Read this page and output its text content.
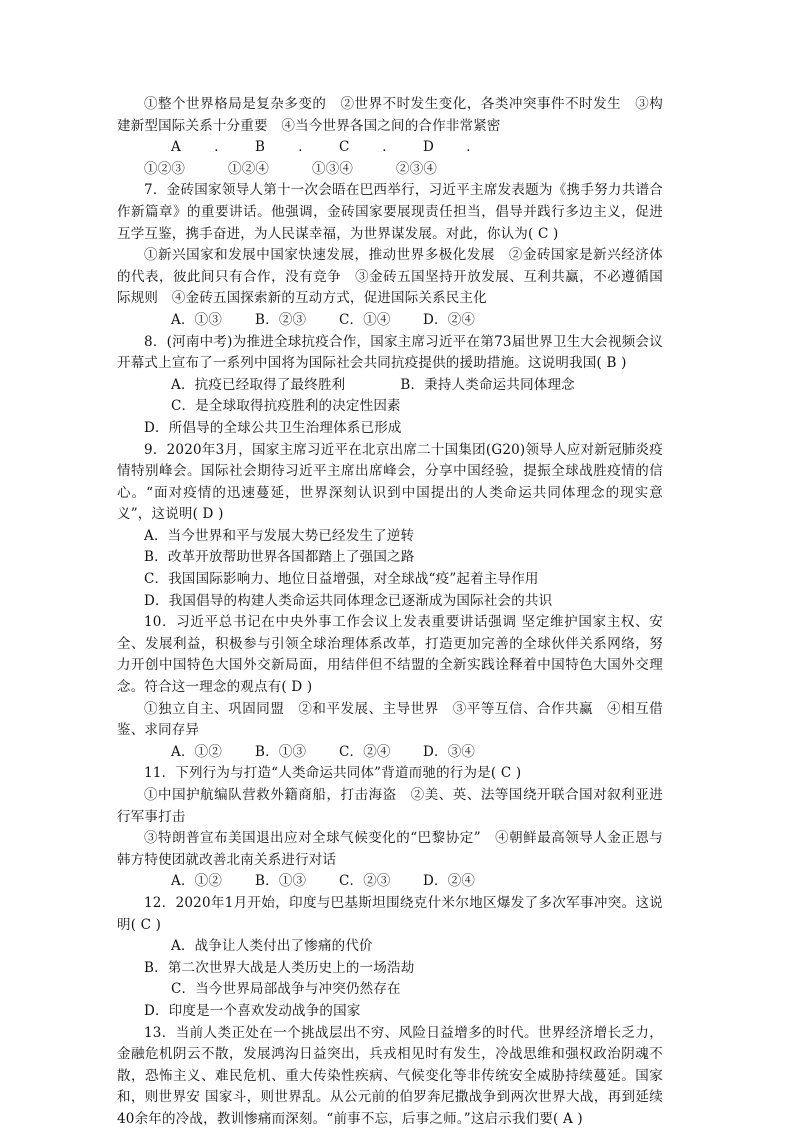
①整个世界格局是复杂多变的　②世界不时发生变化，各类冲突事件不时发生　③构建新型国际关系十分重要　④当今世界各国之间的合作非常紧密

A．①②③B．①②④C．①③④D．②③④

7．金砖国家领导人第十一次会晤在巴西举行，习近平主席发表题为《携手努力共谱合作新篇章》的重要讲话。他强调，金砖国家要展现责任担当，倡导并践行多边主义，促进互学互鉴，携手奋进，为人民谋幸福，为世界谋发展。对此，你认为( C )

①新兴国家和发展中国家快速发展，推动世界多极化发展　②金砖国家是新兴经济体的代表，彼此间只有合作，没有竞争　③金砖五国坚持开放发展、互利共赢，不必遵循国际规则　④金砖五国探索新的互动方式，促进国际关系民主化

A．①③ B．②③ C．①④ D．②④

8．(河南中考)为推进全球抗疫合作，国家主席习近平在第73届世界卫生大会视频会议开幕式上宣布了一系列中国将为国际社会共同抗疫提供的援助措施。这说明我国( B )

A．抗疫已经取得了最终胜利	B．秉持人类命运共同体理念

C．是全球取得抗疫胜利的决定性因素D．所倡导的全球公共卫生治理体系已形成

9．2020年3月，国家主席习近平在北京出席二十国集团(G20)领导人应对新冠肺炎疫情特别峰会。国际社会期待习近平主席出席峰会，分享中国经验，提振全球战胜疫情的信心。“面对疫情的迅速蔓延，世界深刻认识到中国提出的人类命运共同体理念的现实意义”，这说明( D )

A．当今世界和平与发展大势已经发生了逆转

B．改革开放帮助世界各国都踏上了强国之路

C．我国国际影响力、地位日益增强，对全球战“疫”起着主导作用

D．我国倡导的构建人类命运共同体理念已逐渐成为国际社会的共识

10．习近平总书记在中央外事工作会议上发表重要讲话强调 坚定维护国家主权、安全、发展利益，积极参与引领全球治理体系改革，打造更加完善的全球伙伴关系网络，努力开创中国特色大国外交新局面，用结伴但不结盟的全新实践诠释着中国特色大国外交理念。符合这一理念的观点有( D )

①独立自主、巩固同盟　②和平发展、主导世界　③平等互信、合作共赢　④相互借鉴、求同存异

A．①② B．①③ C．②④ D．③④

11．下列行为与打造“人类命运共同体”背道而驰的行为是( C )

①中国护航编队营救外籍商船，打击海盗　②美、英、法等国绕开联合国对叙利亚进行军事打击

③特朗普宣布美国退出应对全球气候变化的“巴黎协定”　④朝鲜最高领导人金正恩与韩方特使团就改善北南关系进行对话

A．①② B．①③ C．②③ D．②④

12．2020年1月开始，印度与巴基斯坦围绕克什米尔地区爆发了多次军事冲突。这说明( C )

A．战争让人类付出了惨痛的代价B．第二次世界大战是人类历史上的一场浩劫

C．当今世界局部战争与冲突仍然存在D．印度是一个喜欢发动战争的国家

13．当前人类正处在一个挑战层出不穷、风险日益增多的时代。世界经济增长乏力，金融危机阴云不散，发展鸿沟日益突出，兵戎相见时有发生，冷战思维和强权政治阴魂不散，恐怖主义、难民危机、重大传染性疾病、气候变化等非传统安全威胁持续蔓延。国家和，则世界安 国家斗，则世界乱。从公元前的伯罗奔尼撒战争到两次世界大战，再到延续40余年的冷战，教训惨痛而深刻。“前事不忘，后事之师。”这启示我们要( A )
